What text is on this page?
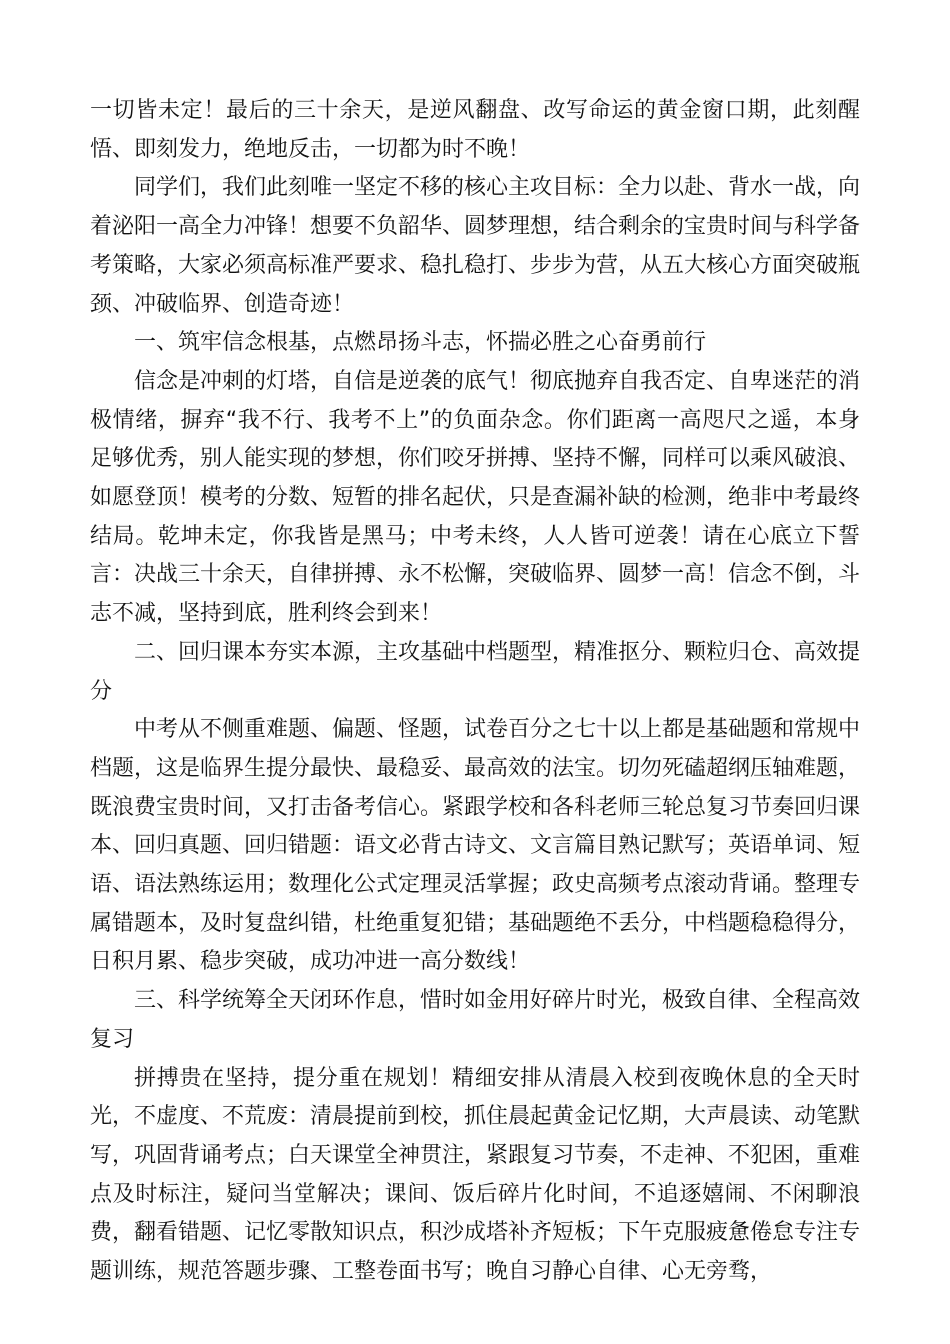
一切皆未定！最后的三十余天，是逆风翻盘、改写命运的黄金窗口期，此刻醒悟、即刻发力，绝地反击，一切都为时不晚！

同学们，我们此刻唯一坚定不移的核心主攻目标：全力以赴、背水一战，向着泌阳一高全力冲锋！想要不负韶华、圆梦理想，结合剩余的宝贵时间与科学备考策略，大家必须高标准严要求、稳扎稳打、步步为营，从五大核心方面突破瓶颈、冲破临界、创造奇迹！

一、筑牢信念根基，点燃昂扬斗志，怀揣必胜之心奋勇前行

信念是冲刺的灯塔，自信是逆袭的底气！彻底抛弃自我否定、自卑迷茫的消极情绪，摒弃“我不行、我考不上”的负面杂念。你们距离一高咫尺之遥，本身足够优秀，别人能实现的梦想，你们咬牙拼搏、坚持不懈，同样可以乘风破浪、如愿登顶！模考的分数、短暂的排名起伏，只是查漏补缺的检测，绝非中考最终结局。乾坤未定，你我皆是黑马；中考未终，人人皆可逆袭！请在心底立下誓言：决战三十余天，自律拼搏、永不松懈，突破临界、圆梦一高！信念不倒，斗志不减，坚持到底，胜利终会到来！

二、回归课本夯实本源，主攻基础中档题型，精准抠分、颗粒归仓、高效提分

中考从不侧重难题、偏题、怪题，试卷百分之七十以上都是基础题和常规中档题，这是临界生提分最快、最稳妥、最高效的法宝。切勿死磕超纲压轴难题，既浪费宝贵时间，又打击备考信心。紧跟学校和各科老师三轮总复习节奏回归课本、回归真题、回归错题：语文必背古诗文、文言篇目熟记默写；英语单词、短语、语法熟练运用；数理化公式定理灵活掌握；政史高频考点滚动背诵。整理专属错题本，及时复盘纠错，杜绝重复犯错；基础题绝不丢分，中档题稳稳得分，日积月累、稳步突破，成功冲进一高分数线！

三、科学统筹全天闭环作息，惜时如金用好碎片时光，极致自律、全程高效复习

拼搏贵在坚持，提分重在规划！精细安排从清晨入校到夜晚休息的全天时光，不虚度、不荒废：清晨提前到校，抓住晨起黄金记忆期，大声晨读、动笔默写，巩固背诵考点；白天课堂全神贯注，紧跟复习节奏，不走神、不犯困，重难点及时标注，疑问当堂解决；课间、饭后碎片化时间，不追逐嬉闹、不闲聊浪费，翻看错题、记忆零散知识点，积沙成塔补齐短板；下午克服疲惫倦怠专注专题训练，规范答题步骤、工整卷面书写；晚自习静心自律、心无旁骛，
